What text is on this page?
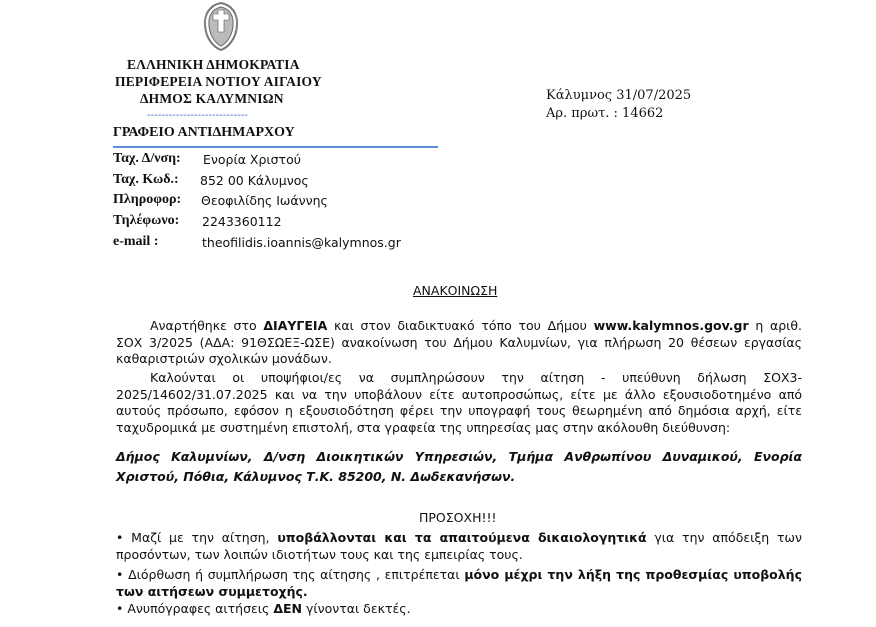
ΕΛΛΗΝΙΚΗ ΔΗΜΟΚΡΑΤΙΑ
ΠΕΡΙΦΕΡΕΙΑ ΝΟΤΙΟΥ ΑΙΓΑΙΟΥ
ΔΗΜΟΣ ΚΑΛΥΜΝΙΩΝ
----------------------------
ΓΡΑΦΕΙΟ ΑΝΤΙΔΗΜΑΡΧΟΥ
Ταχ. Δ/νση: Ενορία Χριστού
Ταχ. Κωδ.: 852 00 Κάλυμνος
Πληροφορ: Θεοφιλίδης Ιωάννης
Τηλέφωνο: 2243360112
e-mail :	theofilidis.ioannis@kalymnos.gr
Κάλυμνος 31/07/2025
Αρ. πρωτ. : 14662
ΑΝΑΚΟΙΝΩΣΗ
Αναρτήθηκε στο ΔΙΑΥΓΕΙΑ και στον διαδικτυακό τόπο του Δήμου www.kalymnos.gov.gr η αριθ. ΣΟΧ 3/2025 (ΑΔΑ: 91ΘΣΩΕΞ-ΩΣΕ) ανακοίνωση του Δήμου Καλυμνίων, για πλήρωση 20 θέσεων εργασίας καθαριστριών σχολικών μονάδων.
Καλούνται οι υποψήφιοι/ες να συμπληρώσουν την αίτηση - υπεύθυνη δήλωση ΣΟΧ3-2025/14602/31.07.2025 και να την υποβάλουν είτε αυτοπροσώπως, είτε με άλλο εξουσιοδοτημένο από αυτούς πρόσωπο, εφόσον η εξουσιοδότηση φέρει την υπογραφή τους θεωρημένη από δημόσια αρχή, είτε ταχυδρομικά με συστημένη επιστολή, στα γραφεία της υπηρεσίας μας στην ακόλουθη διεύθυνση:
Δήμος Καλυμνίων, Δ/νση Διοικητικών Υπηρεσιών, Τμήμα Ανθρωπίνου Δυναμικού, Ενορία Χριστού, Πόθια, Κάλυμνος Τ.Κ. 85200, Ν. Δωδεκανήσων.
ΠΡΟΣΟΧΗ!!!
• Μαζί με την αίτηση, υποβάλλονται και τα απαιτούμενα δικαιολογητικά για την απόδειξη των προσόντων, των λοιπών ιδιοτήτων τους και της εμπειρίας τους.
• Διόρθωση ή συμπλήρωση της αίτησης , επιτρέπεται μόνο μέχρι την λήξη της προθεσμίας υποβολής των αιτήσεων συμμετοχής.
• Ανυπόγραφες αιτήσεις ΔΕΝ γίνονται δεκτές.
